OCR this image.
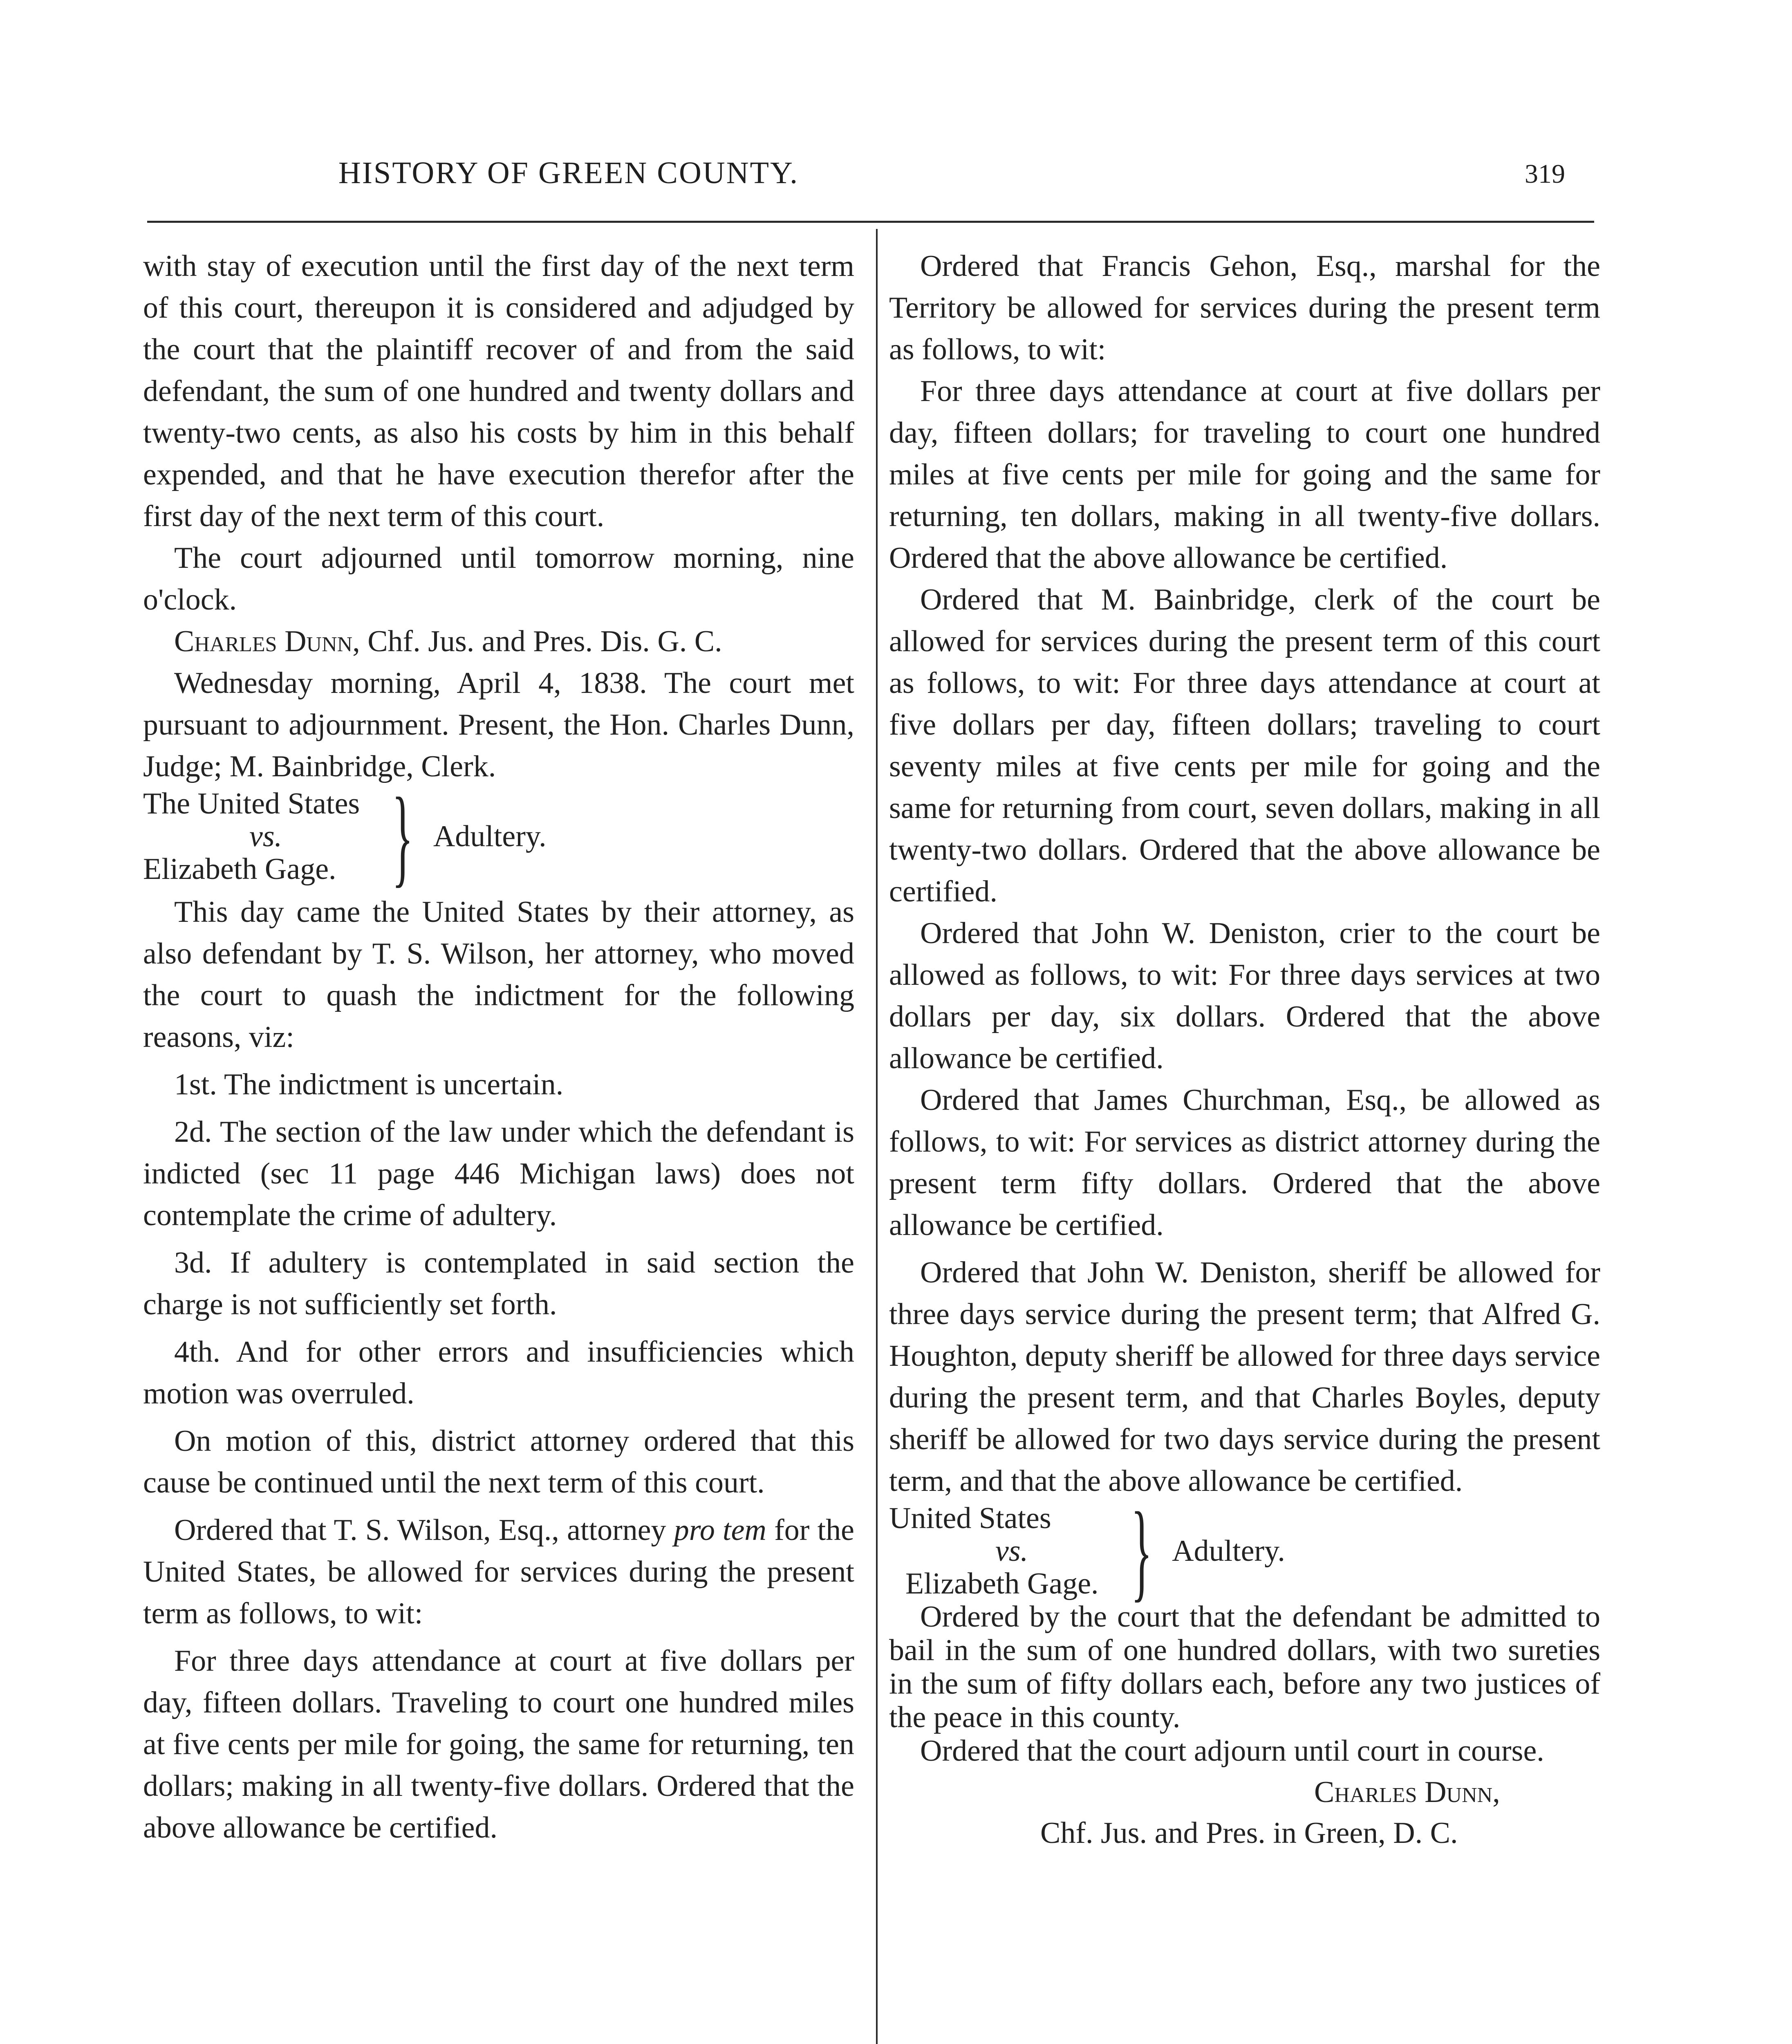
HISTORY OF GREEN COUNTY.	319

with stay of execution until the first day of the next term of this court, thereupon it is considered and adjudged by the court that the plaintiff recover of and from the said defendant, the sum of one hundred and twenty dollars and twenty-two cents, as also his costs by him in this behalf expended, and that he have execution therefor after the first day of the next term of this court.

The court adjourned until tomorrow morning, nine o'clock.

Charles Dunn, Chf. Jus. and Pres. Dis. G. C.

Wednesday morning, April 4, 1838. The court met pursuant to adjournment. Present, the Hon. Charles Dunn, Judge; M. Bainbridge, Clerk.

The United States
vs.
Elizabeth Gage. } Adultery.

This day came the United States by their attorney, as also defendant by T. S. Wilson, her attorney, who moved the court to quash the indictment for the following reasons, viz:

1st. The indictment is uncertain.

2d. The section of the law under which the defendant is indicted (sec 11 page 446 Michigan laws) does not contemplate the crime of adultery.

3d. If adultery is contemplated in said section the charge is not sufficiently set forth.

4th. And for other errors and insufficiencies which motion was overruled.

On motion of this, district attorney ordered that this cause be continued until the next term of this court.

Ordered that T. S. Wilson, Esq., attorney pro tem for the United States, be allowed for services during the present term as follows, to wit:

For three days attendance at court at five dollars per day, fifteen dollars. Traveling to court one hundred miles at five cents per mile for going, the same for returning, ten dollars; making in all twenty-five dollars. Ordered that the above allowance be certified.

Ordered that Francis Gehon, Esq., marshal for the Territory be allowed for services during the present term as follows, to wit:

For three days attendance at court at five dollars per day, fifteen dollars; for traveling to court one hundred miles at five cents per mile for going and the same for returning, ten dollars, making in all twenty-five dollars. Ordered that the above allowance be certified.

Ordered that M. Bainbridge, clerk of the court be allowed for services during the present term of this court as follows, to wit: For three days attendance at court at five dollars per day, fifteen dollars; traveling to court seventy miles at five cents per mile for going and the same for returning from court, seven dollars, making in all twenty-two dollars. Ordered that the above allowance be certified.

Ordered that John W. Deniston, crier to the court be allowed as follows, to wit: For three days services at two dollars per day, six dollars. Ordered that the above allowance be certified.

Ordered that James Churchman, Esq., be allowed as follows, to wit: For services as district attorney during the present term fifty dollars. Ordered that the above allowance be certified.

Ordered that John W. Deniston, sheriff be allowed for three days service during the present term; that Alfred G. Houghton, deputy sheriff be allowed for three days service during the present term, and that Charles Boyles, deputy sheriff be allowed for two days service during the present term, and that the above allowance be certified.

United States
vs.
Elizabeth Gage. } Adultery.

Ordered by the court that the defendant be admitted to bail in the sum of one hundred dollars, with two sureties in the sum of fifty dollars each, before any two justices of the peace in this county.

Ordered that the court adjourn until court in course.

Charles Dunn,

Chf. Jus. and Pres. in Green, D. C.
